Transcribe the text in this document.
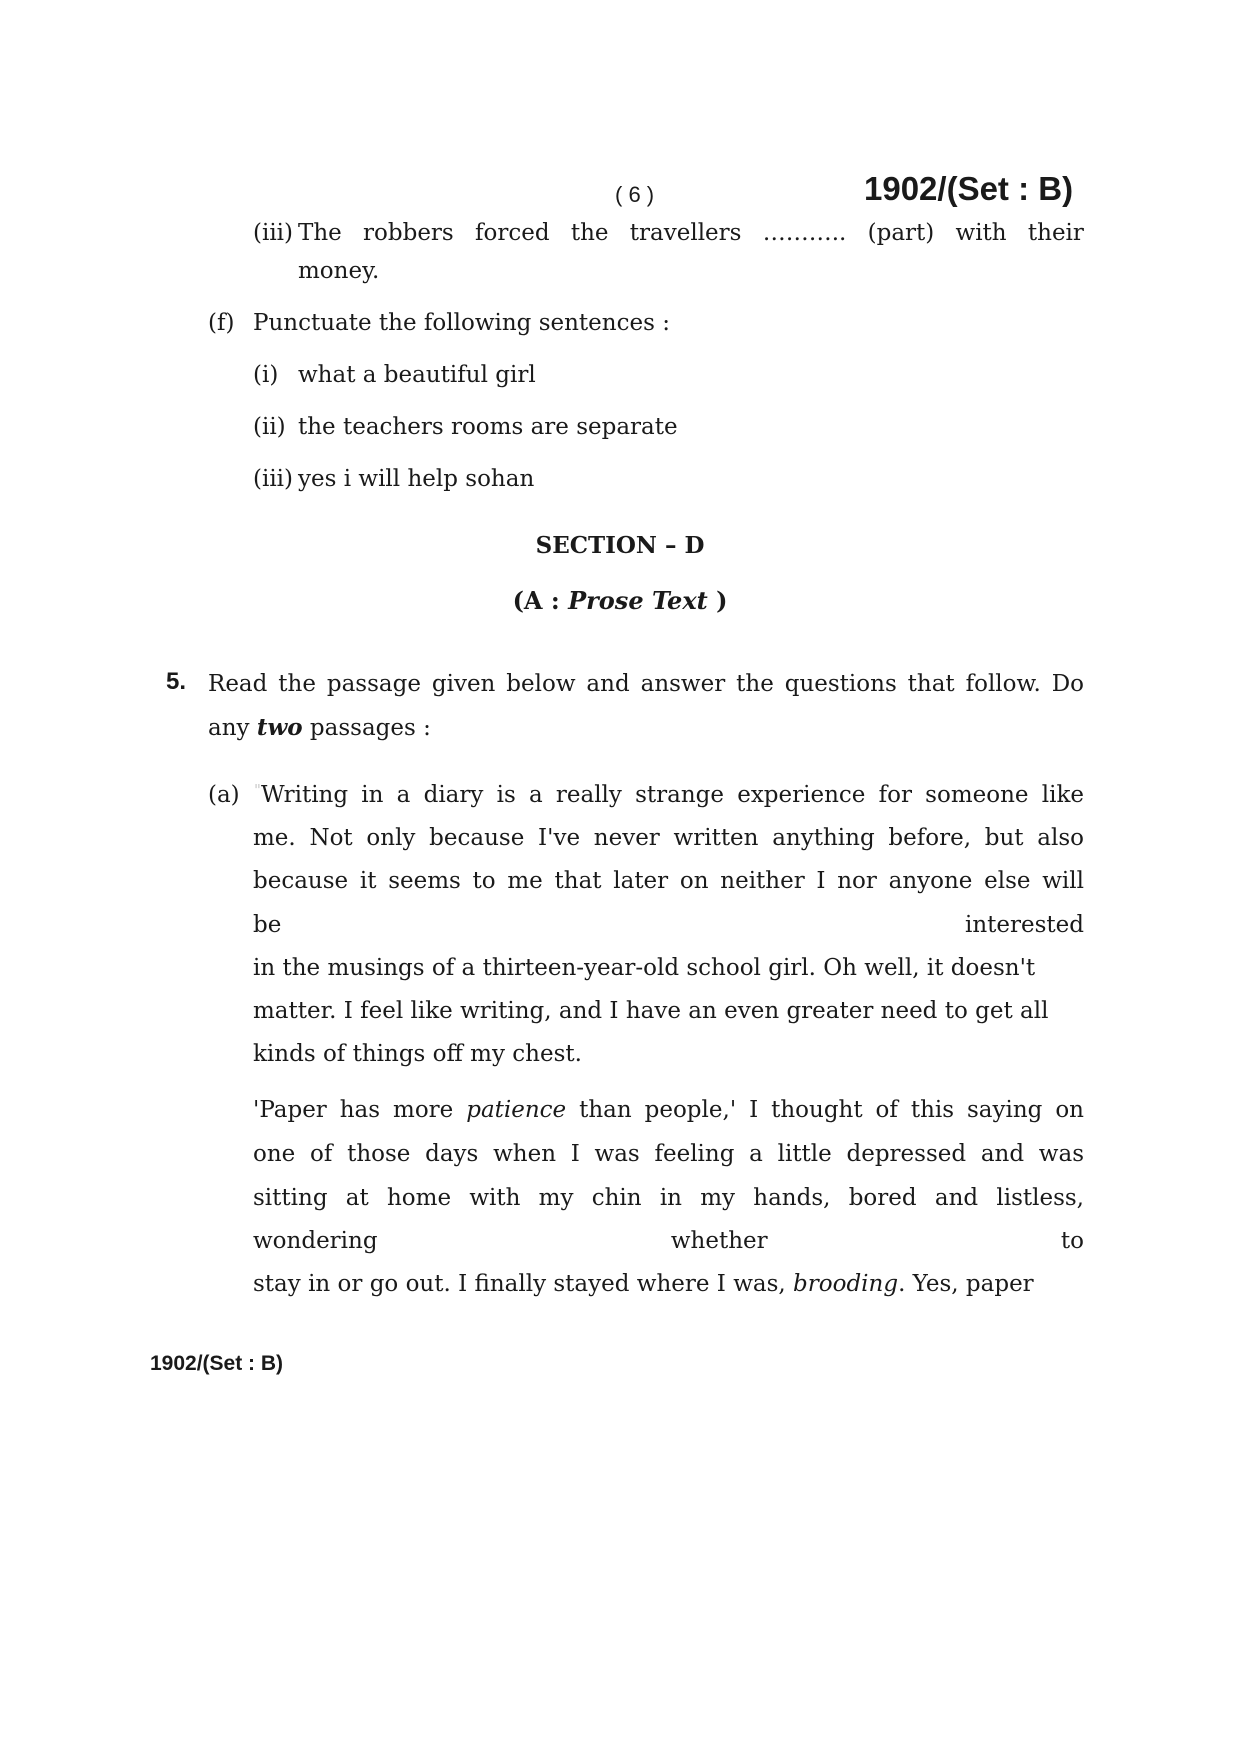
( 6 )	1902/(Set : B)
(iii) The robbers forced the travellers ……….. (part) with their
money.
(f) Punctuate the following sentences :
(i) what a beautiful girl
(ii) the teachers rooms are separate
(iii) yes i will help sohan
SECTION – D
(A : Prose Text )
5. Read the passage given below and answer the questions that follow. Do
any two passages :
(a) " Writing in a diary is a really strange experience for someone like
me. Not only because I've never written anything before, but also
because it seems to me that later on neither I nor anyone else will
be interested
in the musings of a thirteen-year-old school girl. Oh well, it doesn't
matter. I feel like writing, and I have an even greater need to get all
kinds of things off my chest.
'Paper has more patience than people,' I thought of this saying on
one of those days when I was feeling a little depressed and was
sitting at home with my chin in my hands, bored and listless,
wondering whether to
stay in or go out. I finally stayed where I was, brooding. Yes, paper
1902/(Set : B)
